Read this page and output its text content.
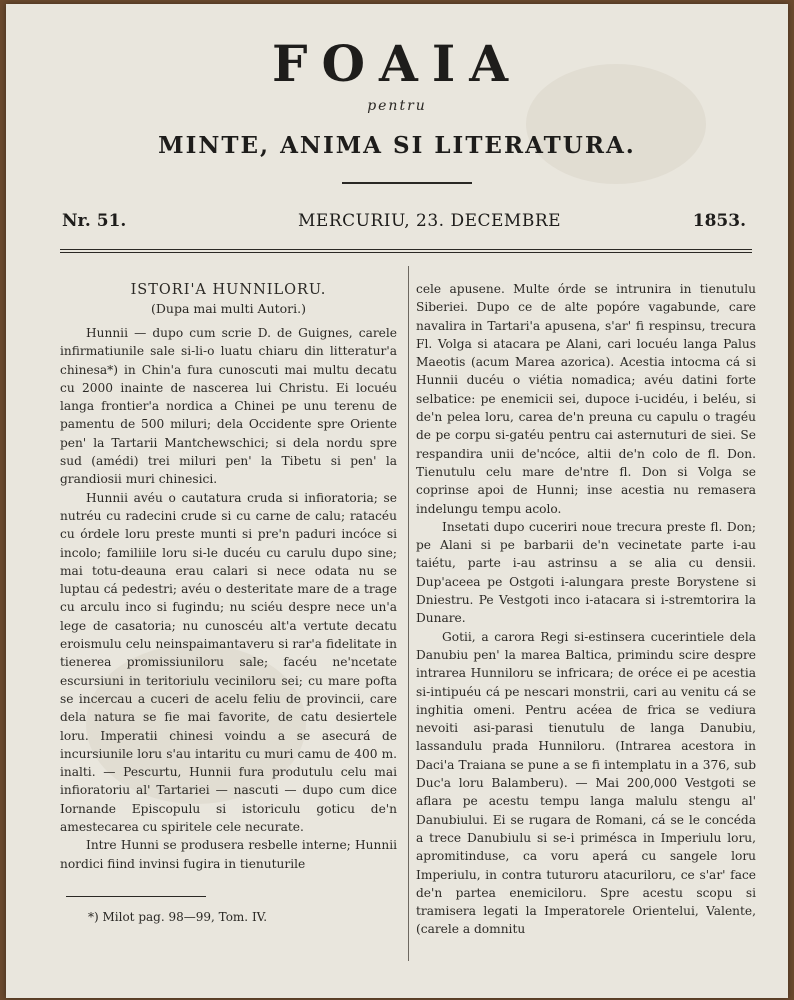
FOAIA
pentru
MINTE, ANIMA SI LITERATURA.
Nr. 51.	MERCURIU, 23. DECEMBRE	1853.

ISTORI'A HUNNILORU.

(Dupa mai multi Autori.)

Hunnii — dupo cum scrie D. de Guignes, carele infirmatiunile sale si-li-o luatu chiaru din litteratur'a chinesa*) in Chin'a fura cunoscuti mai multu decatu cu 2000 inainte de nascerea lui Christu. Ei locuéu langa frontier'a nordica a Chinei pe unu terenu de pamentu de 500 miluri; dela Occidente spre Oriente pen' la Tartarii Mantchewschici; si dela nordu spre sud (amédi) trei miluri pen' la Tibetu si pen' la grandiosii muri chinesici.

Hunnii avéu o cautatura cruda si infioratoria; se nutréu cu radecini crude si cu carne de calu; ratacéu cu órdele loru preste munti si pre'n paduri incóce si incolo; familiile loru si-le ducéu cu carulu dupo sine; mai totu-deauna erau calari si nece odata nu se luptau cá pedestri; avéu o desteritate mare de a trage cu arculu inco si fugindu; nu sciéu despre nece un'a lege de casatoria; nu cunoscéu alt'a vertute decatu eroismulu celu neinspaimantaveru si rar'a fidelitate in tienerea promissiuniloru sale; facéu ne'ncetate escursiuni in teritoriulu veciniloru sei; cu mare pofta se incercau a cuceri de acelu feliu de provincii, care dela natura se fie mai favorite, de catu desiertele loru. Imperatii chinesi voindu a se asecurá de incursiunile loru s'au intaritu cu muri camu de 400 m. inalti. — Pescurtu, Hunnii fura produtulu celu mai infioratoriu al' Tartariei — nascuti — dupo cum dice Iornande Episcopulu si istoriculu goticu de'n amestecarea cu spiritele cele necurate.

Intre Hunni se produsera resbelle interne; Hunnii nordici fiind invinsi fugira in tienuturile

cele apusene. Multe órde se intrunira in tienutulu Siberiei. Dupo ce de alte popóre vagabunde, care navalira in Tartari'a apusena, s'ar' fi respinsu, trecura Fl. Volga si atacara pe Alani, cari locuéu langa Palus Maeotis (acum Marea azorica). Acestia intocma cá si Hunnii ducéu o viétia nomadica; avéu datini forte selbatice: pe enemicii sei, dupoce i-ucidéu, i beléu, si de'n pelea loru, carea de'n preuna cu capulu o tragéu de pe corpu si-gatéu pentru cai asternuturi de siei. Se respandira unii de'ncóce, altii de'n colo de fl. Don. Tienutulu celu mare de'ntre fl. Don si Volga se coprinse apoi de Hunni; inse acestia nu remasera indelungu tempu acolo.

Insetati dupo cuceriri noue trecura preste fl. Don; pe Alani si pe barbarii de'n vecinetate parte i-au taiétu, parte i-au astrinsu a se alia cu densii. Dup'aceea pe Ostgoti i-alungara preste Borystene si Dniestru. Pe Vestgoti inco i-atacara si i-stremtorira la Dunare.

Gotii, a carora Regi si-estinsera cucerintiele dela Danubiu pen' la marea Baltica, primindu scire despre intrarea Hunniloru se infricara; de oréce ei pe acestia si-intipuéu cá pe nescari monstrii, cari au venitu cá se inghitia omeni. Pentru acéea de frica se vediura nevoiti asi-parasi tienutulu de langa Danubiu, lassandulu prada Hunniloru. (Intrarea acestora in Daci'a Traiana se pune a se fi intemplatu in a 376, sub Duc'a loru Balamberu). — Mai 200,000 Vestgoti se aflara pe acestu tempu langa malulu stengu al' Danubiului. Ei se rugara de Romani, cá se le concéda a trece Danubiulu si se-i primésca in Imperiulu loru, apromitinduse, ca voru aperá cu sangele loru Imperiulu, in contra tuturoru atacuriloru, ce s'ar' face de'n partea enemiciloru. Spre acestu scopu si tramisera legati la Imperatorele Orientelui, Valente, (carele a domnitu

*) Milot pag. 98—99, Tom. IV.
